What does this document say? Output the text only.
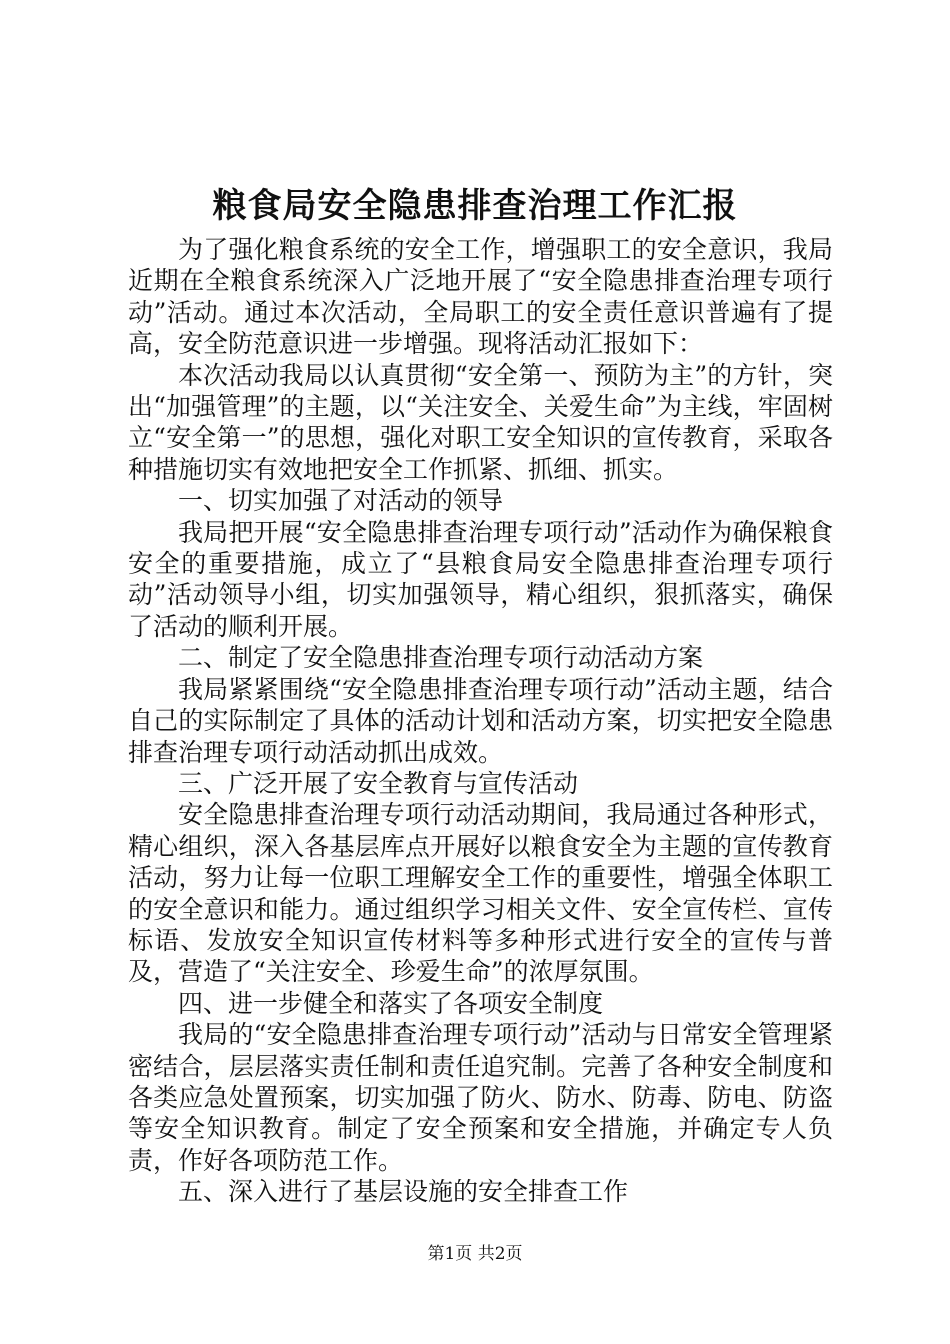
粮食局安全隐患排查治理工作汇报

为了强化粮食系统的安全工作，增强职工的安全意识，我局近期在全粮食系统深入广泛地开展了“安全隐患排查治理专项行动”活动。通过本次活动，全局职工的安全责任意识普遍有了提高，安全防范意识进一步增强。现将活动汇报如下：

本次活动我局以认真贯彻“安全第一、预防为主”的方针，突出“加强管理”的主题，以“关注安全、关爱生命”为主线，牢固树立“安全第一”的思想，强化对职工安全知识的宣传教育，采取各种措施切实有效地把安全工作抓紧、抓细、抓实。

一、切实加强了对活动的领导

我局把开展“安全隐患排查治理专项行动”活动作为确保粮食安全的重要措施，成立了“县粮食局安全隐患排查治理专项行动”活动领导小组，切实加强领导，精心组织，狠抓落实，确保了活动的顺利开展。

二、制定了安全隐患排查治理专项行动活动方案

我局紧紧围绕“安全隐患排查治理专项行动”活动主题，结合自己的实际制定了具体的活动计划和活动方案，切实把安全隐患排查治理专项行动活动抓出成效。

三、广泛开展了安全教育与宣传活动

安全隐患排查治理专项行动活动期间，我局通过各种形式，精心组织，深入各基层库点开展好以粮食安全为主题的宣传教育活动，努力让每一位职工理解安全工作的重要性，增强全体职工的安全意识和能力。通过组织学习相关文件、安全宣传栏、宣传标语、发放安全知识宣传材料等多种形式进行安全的宣传与普及，营造了“关注安全、珍爱生命”的浓厚氛围。

四、进一步健全和落实了各项安全制度

我局的“安全隐患排查治理专项行动”活动与日常安全管理紧密结合，层层落实责任制和责任追究制。完善了各种安全制度和各类应急处置预案，切实加强了防火、防水、防毒、防电、防盗等安全知识教育。制定了安全预案和安全措施，并确定专人负责，作好各项防范工作。

五、深入进行了基层设施的安全排查工作

第1页 共2页
